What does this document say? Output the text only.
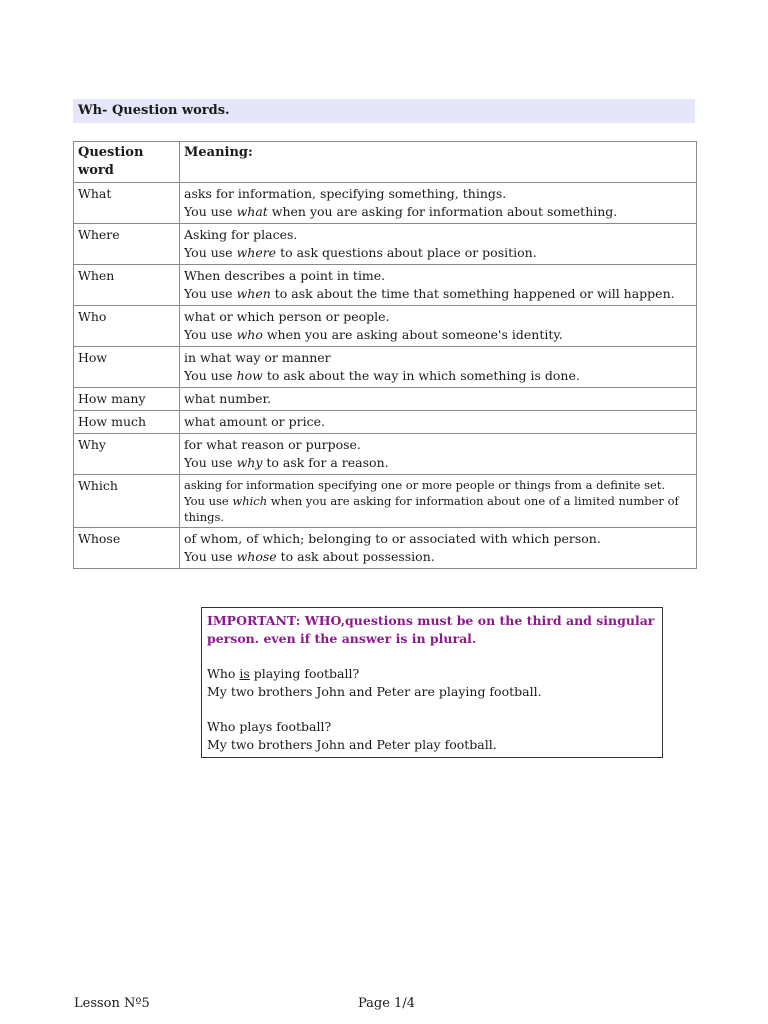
Wh- Question words.
Question word	Meaning:
What	asks for information, specifying something, things.
You use what when you are asking for information about something.

Where	Asking for places.
You use where to ask questions about place or position.

When	When describes a point in time.
You use when to ask about the time that something happened or will happen.

Who	what or which person or people.
You use who when you are asking about someone's identity.

How	in what way or manner
You use how to ask about the way in which something is done.

How many	what number.

How much	what amount or price.

Why	for what reason or purpose.
You use why to ask for a reason.

Which	asking for information specifying one or more people or things from a definite set.
You use which when you are asking for information about one of a limited number of things.

Whose	of whom, of which; belonging to or associated with which person.
You use whose to ask about possession.
IMPORTANT: WHO,questions must be on the third and singular person. even if the answer is in plural.
Who is playing football?
My two brothers John and Peter are playing football.
Who plays football?
My two brothers John and Peter play football.
Lesson Nº5	Page 1/4
